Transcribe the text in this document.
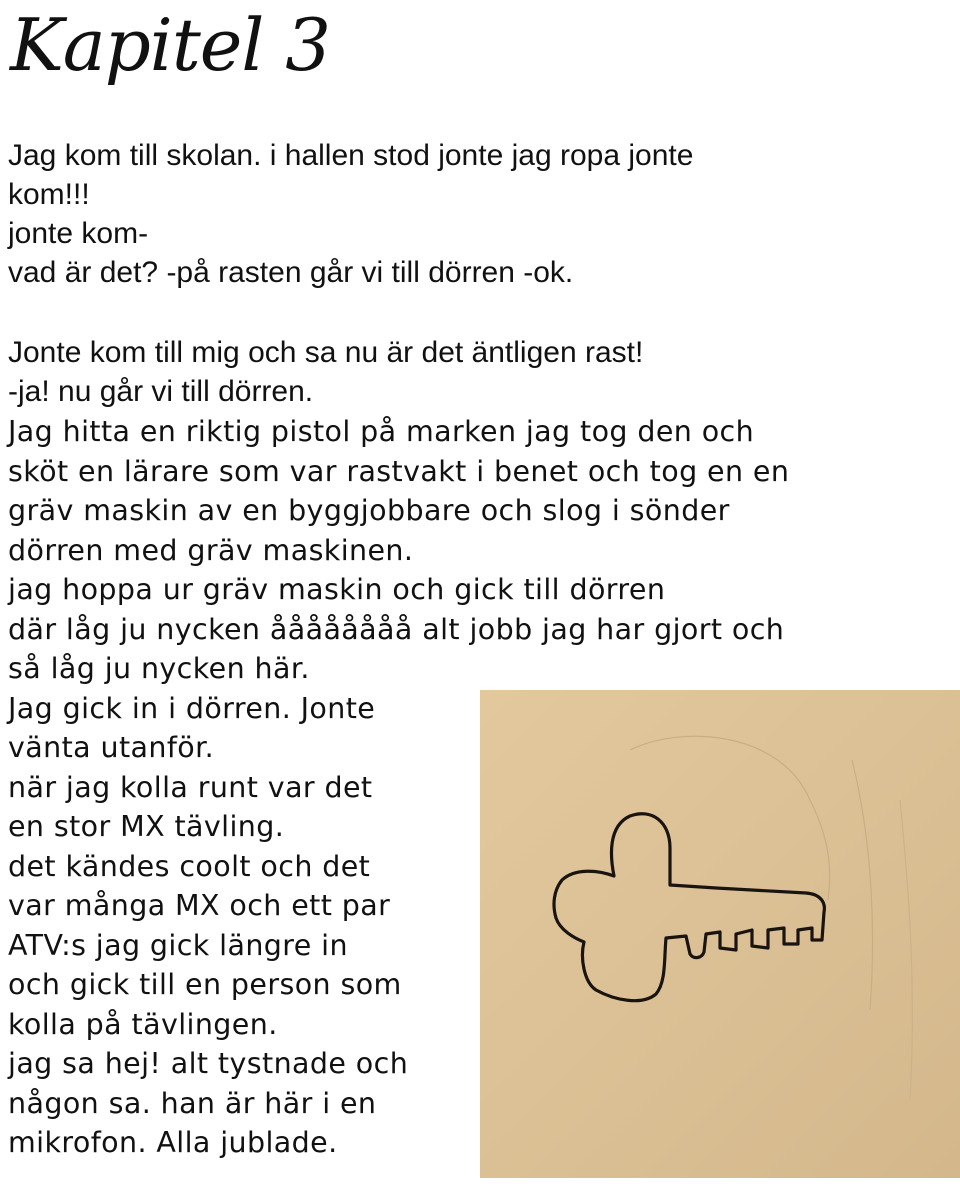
Kapitel 3
Jag kom till skolan. i hallen stod jonte jag ropa jonte
kom!!!
jonte kom-
vad är det? -på rasten går vi till dörren -ok.
Jonte kom till mig och sa nu är det äntligen rast!
-ja! nu går vi till dörren.
Jag hitta en riktig pistol på marken jag tog den och
sköt en lärare som var rastvakt i benet och tog en en
gräv maskin av en byggjobbare och slog i sönder
dörren med gräv maskinen.
jag hoppa ur gräv maskin och gick till dörren
där låg ju nycken åååååååå alt jobb jag har gjort och
så låg ju nycken här.
Jag gick in i dörren. Jonte
vänta utanför.
när jag kolla runt var det
en stor MX tävling.
det kändes coolt och det
var många MX och ett par
ATV:s jag gick längre in
och gick till en person som
kolla på tävlingen.
jag sa hej! alt tystnade och
någon sa. han är här i en
mikrofon. Alla jublade.
